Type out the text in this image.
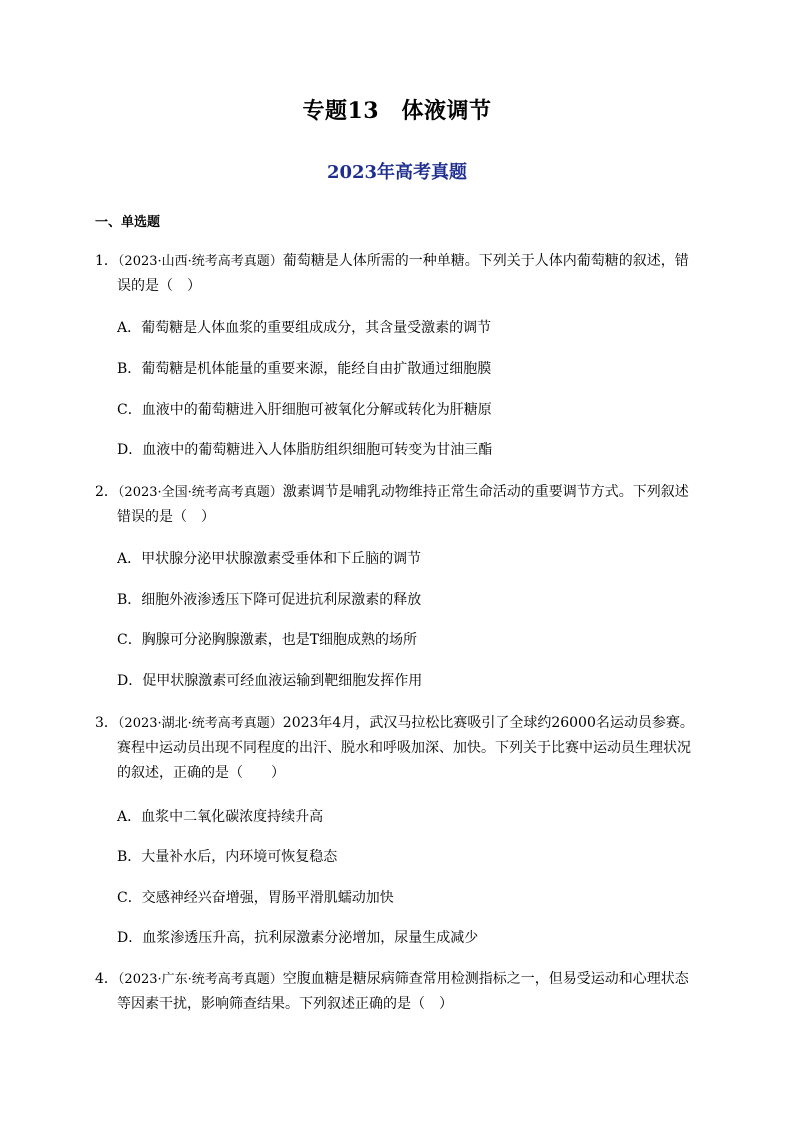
专题13　体液调节
2023年高考真题
一、单选题
1．（2023·山西·统考高考真题）葡萄糖是人体所需的一种单糖。下列关于人体内葡萄糖的叙述，错误的是（　）
A．葡萄糖是人体血浆的重要组成成分，其含量受激素的调节
B．葡萄糖是机体能量的重要来源，能经自由扩散通过细胞膜
C．血液中的葡萄糖进入肝细胞可被氧化分解或转化为肝糖原
D．血液中的葡萄糖进入人体脂肪组织细胞可转变为甘油三酯
2．（2023·全国·统考高考真题）激素调节是哺乳动物维持正常生命活动的重要调节方式。下列叙述错误的是（　）
A．甲状腺分泌甲状腺激素受垂体和下丘脑的调节
B．细胞外液渗透压下降可促进抗利尿激素的释放
C．胸腺可分泌胸腺激素，也是T细胞成熟的场所
D．促甲状腺激素可经血液运输到靶细胞发挥作用
3．（2023·湖北·统考高考真题）2023年4月，武汉马拉松比赛吸引了全球约26000名运动员参赛。赛程中运动员出现不同程度的出汗、脱水和呼吸加深、加快。下列关于比赛中运动员生理状况的叙述，正确的是（　　）
A．血浆中二氧化碳浓度持续升高
B．大量补水后，内环境可恢复稳态
C．交感神经兴奋增强，胃肠平滑肌蠕动加快
D．血浆渗透压升高，抗利尿激素分泌增加，尿量生成减少
4．（2023·广东·统考高考真题）空腹血糖是糖尿病筛查常用检测指标之一，但易受运动和心理状态等因素干扰，影响筛查结果。下列叙述正确的是（　）
